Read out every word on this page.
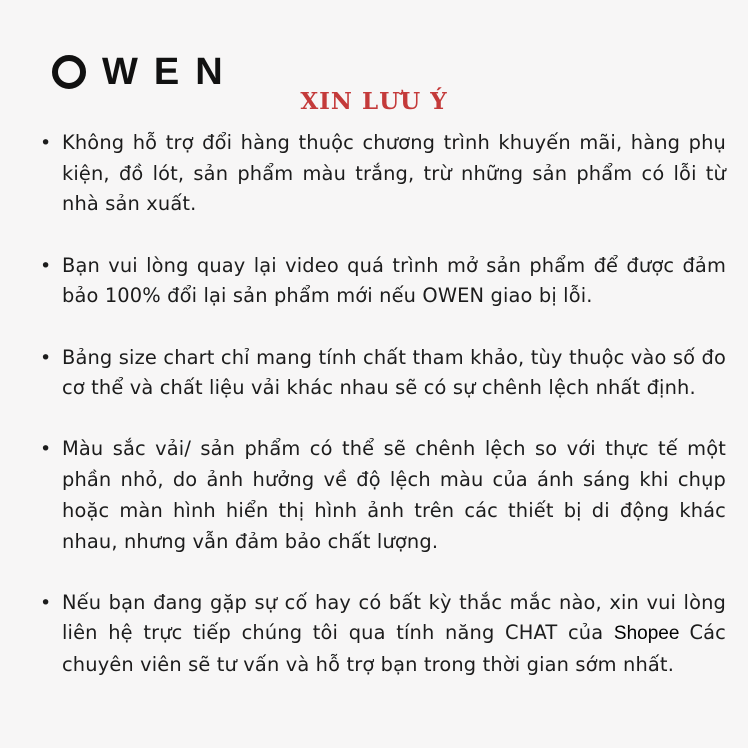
WEN
XIN LƯU Ý
• Không hỗ trợ đổi hàng thuộc chương trình khuyến mãi, hàng phụ kiện, đồ lót, sản phẩm màu trắng, trừ những sản phẩm có lỗi từ nhà sản xuất.
• Bạn vui lòng quay lại video quá trình mở sản phẩm để được đảm bảo 100% đổi lại sản phẩm mới nếu OWEN giao bị lỗi.
• Bảng size chart chỉ mang tính chất tham khảo, tùy thuộc vào số đo cơ thể và chất liệu vải khác nhau sẽ có sự chênh lệch nhất định.
• Màu sắc vải/ sản phẩm có thể sẽ chênh lệch so với thực tế một phần nhỏ, do ảnh hưởng về độ lệch màu của ánh sáng khi chụp hoặc màn hình hiển thị hình ảnh trên các thiết bị di động khác nhau, nhưng vẫn đảm bảo chất lượng.
• Nếu bạn đang gặp sự cố hay có bất kỳ thắc mắc nào, xin vui lòng liên hệ trực tiếp chúng tôi qua tính năng CHAT của Shopee Các chuyên viên sẽ tư vấn và hỗ trợ bạn trong thời gian sớm nhất.
